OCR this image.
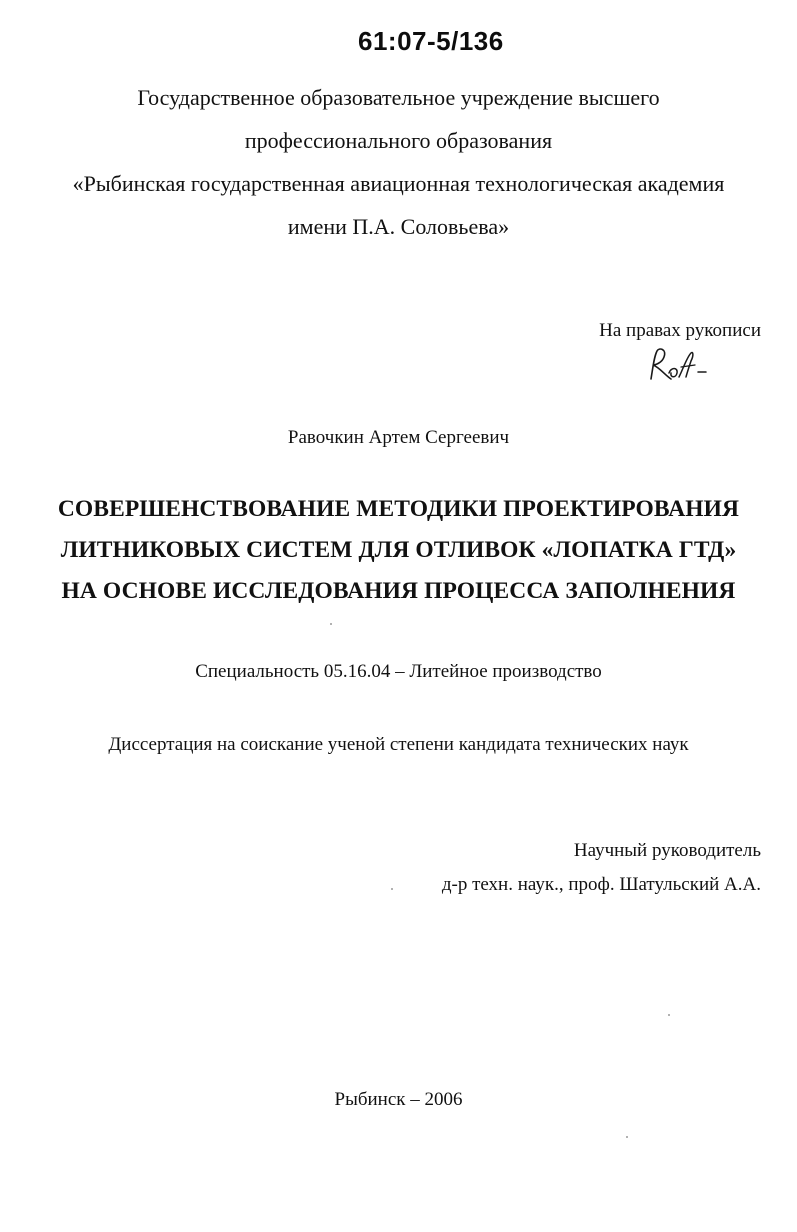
61:07-5/136
Государственное образовательное учреждение высшего
профессионального образования
«Рыбинская государственная авиационная технологическая академия
имени П.А. Соловьева»
На правах рукописи
Равочкин Артем Сергеевич
СОВЕРШЕНСТВОВАНИЕ МЕТОДИКИ ПРОЕКТИРОВАНИЯ
ЛИТНИКОВЫХ СИСТЕМ ДЛЯ ОТЛИВОК «ЛОПАТКА ГТД»
НА ОСНОВЕ ИССЛЕДОВАНИЯ ПРОЦЕССА ЗАПОЛНЕНИЯ
Специальность 05.16.04 – Литейное производство
Диссертация на соискание ученой степени кандидата технических наук
Научный руководитель
д-р техн. наук., проф. Шатульский А.А.
Рыбинск – 2006
